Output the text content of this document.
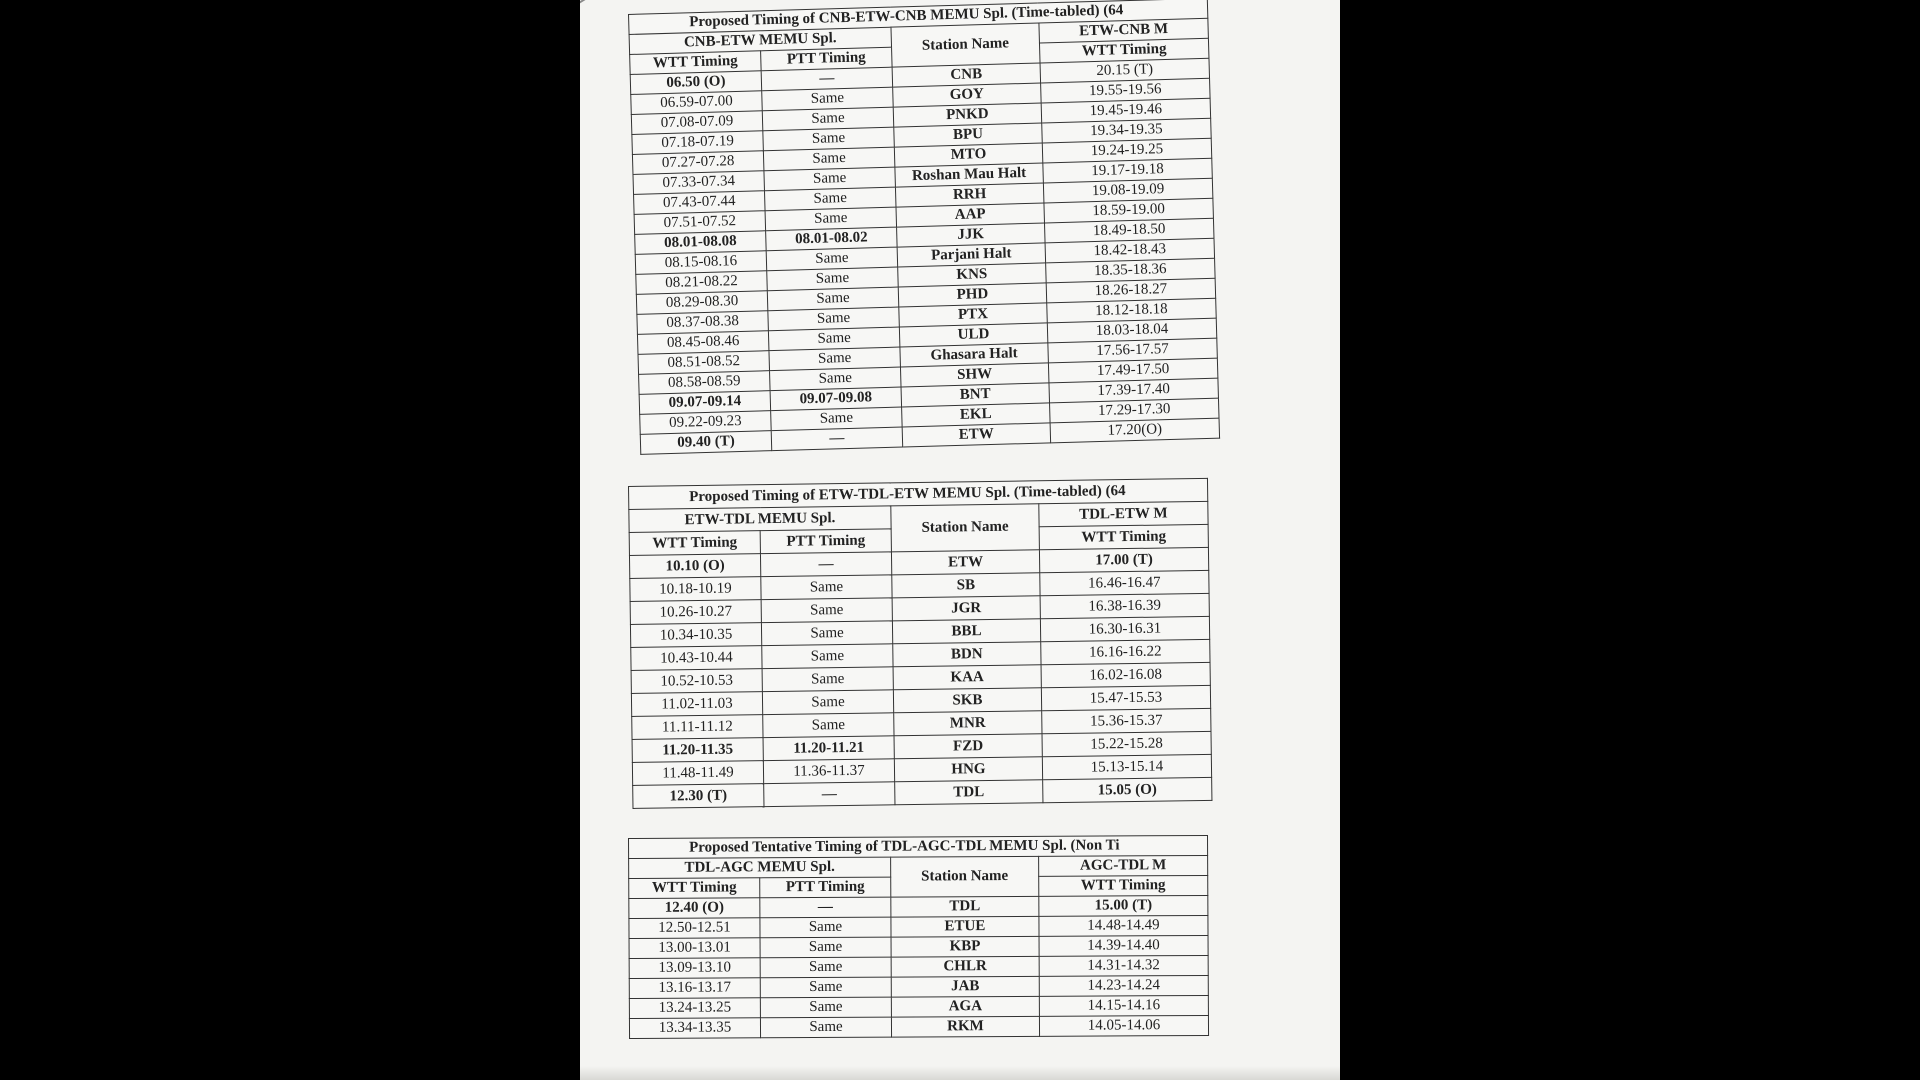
Proposed Timing of CNB-ETW-CNB MEMU Spl. (Time-tabled) (64			
CNB-ETW MEMU Spl.		Station Name	ETW-CNB M
WTT Timing	PTT Timing		WTT Timing
06.50 (O)	—	CNB	20.15 (T)
06.59-07.00	Same	GOY	19.55-19.56
07.08-07.09	Same	PNKD	19.45-19.46
07.18-07.19	Same	BPU	19.34-19.35
07.27-07.28	Same	MTO	19.24-19.25
07.33-07.34	Same	Roshan Mau Halt	19.17-19.18
07.43-07.44	Same	RRH	19.08-19.09
07.51-07.52	Same	AAP	18.59-19.00
08.01-08.08	08.01-08.02	JJK	18.49-18.50
08.15-08.16	Same	Parjani Halt	18.42-18.43
08.21-08.22	Same	KNS	18.35-18.36
08.29-08.30	Same	PHD	18.26-18.27
08.37-08.38	Same	PTX	18.12-18.18
08.45-08.46	Same	ULD	18.03-18.04
08.51-08.52	Same	Ghasara Halt	17.56-17.57
08.58-08.59	Same	SHW	17.49-17.50
09.07-09.14	09.07-09.08	BNT	17.39-17.40
09.22-09.23	Same	EKL	17.29-17.30
09.40 (T)	—	ETW	17.20(O)
Proposed Timing of ETW-TDL-ETW MEMU Spl. (Time-tabled) (64			
ETW-TDL MEMU Spl.		Station Name	TDL-ETW M
WTT Timing	PTT Timing		WTT Timing
10.10 (O)	—	ETW	17.00 (T)
10.18-10.19	Same	SB	16.46-16.47
10.26-10.27	Same	JGR	16.38-16.39
10.34-10.35	Same	BBL	16.30-16.31
10.43-10.44	Same	BDN	16.16-16.22
10.52-10.53	Same	KAA	16.02-16.08
11.02-11.03	Same	SKB	15.47-15.53
11.11-11.12	Same	MNR	15.36-15.37
11.20-11.35	11.20-11.21	FZD	15.22-15.28
11.48-11.49	11.36-11.37	HNG	15.13-15.14
12.30 (T)	—	TDL	15.05 (O)
Proposed Tentative Timing of TDL-AGC-TDL MEMU Spl. (Non Ti			
TDL-AGC MEMU Spl.		Station Name	AGC-TDL M
WTT Timing	PTT Timing		WTT Timing
12.40 (O)	—	TDL	15.00 (T)
12.50-12.51	Same	ETUE	14.48-14.49
13.00-13.01	Same	KBP	14.39-14.40
13.09-13.10	Same	CHLR	14.31-14.32
13.16-13.17	Same	JAB	14.23-14.24
13.24-13.25	Same	AGA	14.15-14.16
13.34-13.35	Same	RKM	14.05-14.06
